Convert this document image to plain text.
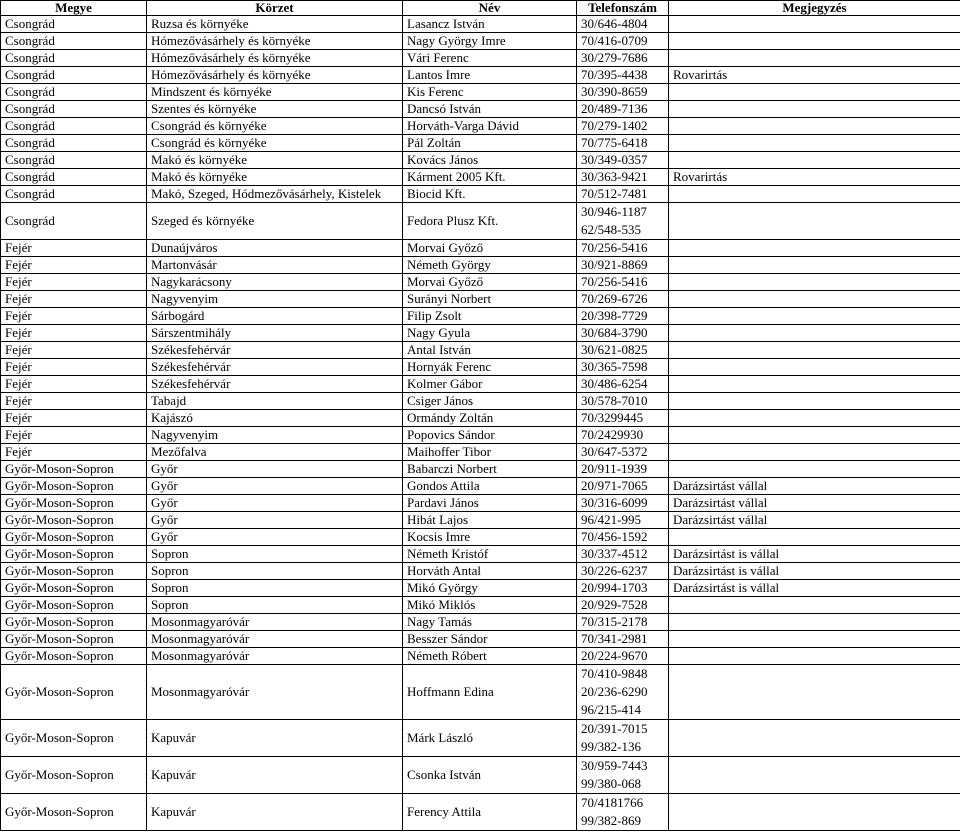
Megye	Körzet	Név	Telefonszám	Megjegyzés
Csongrád	Ruzsa és környéke	Lasancz István	30/646-4804	
Csongrád	Hómezővásárhely és környéke	Nagy György Imre	70/416-0709	
Csongrád	Hómezővásárhely és környéke	Vári Ferenc	30/279-7686	
Csongrád	Hómezővásárhely és környéke	Lantos Imre	70/395-4438	Rovarirtás
Csongrád	Mindszent és környéke	Kis Ferenc	30/390-8659	
Csongrád	Szentes és környéke	Dancsó István	20/489-7136	
Csongrád	Csongrád és környéke	Horváth-Varga Dávid	70/279-1402	
Csongrád	Csongrád és környéke	Pál Zoltán	70/775-6418	
Csongrád	Makó és környéke	Kovács János	30/349-0357	
Csongrád	Makó és környéke	Kárment 2005 Kft.	30/363-9421	Rovarirtás
Csongrád	Makó, Szeged, Hódmezővásárhely, Kistelek	Biocid Kft.	70/512-7481	
Csongrád	Szeged és környéke	Fedora Plusz Kft.	30/946-1187
62/548-535	

Fejér	Dunaújváros	Morvai Győző	70/256-5416	
Fejér	Martonvásár	Németh György	30/921-8869	
Fejér	Nagykarácsony	Morvai Győző	70/256-5416	
Fejér	Nagyvenyim	Surányi Norbert	70/269-6726	
Fejér	Sárbogárd	Filip Zsolt	20/398-7729	
Fejér	Sárszentmihály	Nagy Gyula	30/684-3790	
Fejér	Székesfehérvár	Antal István	30/621-0825	
Fejér	Székesfehérvár	Hornyák Ferenc	30/365-7598	
Fejér	Székesfehérvár	Kolmer Gábor	30/486-6254	
Fejér	Tabajd	Csiger János	30/578-7010	
Fejér	Kajászó	Ormándy Zoltán	70/3299445	
Fejér	Nagyvenyim	Popovics Sándor	70/2429930	
Fejér	Mezőfalva	Maihoffer Tibor	30/647-5372	
Győr-Moson-Sopron	Győr	Babarczi Norbert	20/911-1939	
Győr-Moson-Sopron	Győr	Gondos Attila	20/971-7065	Darázsirtást vállal
Győr-Moson-Sopron	Győr	Pardavi János	30/316-6099	Darázsirtást vállal
Győr-Moson-Sopron	Győr	Hibát Lajos	96/421-995	Darázsirtást vállal
Győr-Moson-Sopron	Győr	Kocsis Imre	70/456-1592	
Győr-Moson-Sopron	Sopron	Németh Kristóf	30/337-4512	Darázsirtást is vállal
Győr-Moson-Sopron	Sopron	Horváth Antal	30/226-6237	Darázsirtást is vállal
Győr-Moson-Sopron	Sopron	Mikó György	20/994-1703	Darázsirtást is vállal
Győr-Moson-Sopron	Sopron	Mikó Miklós	20/929-7528	
Győr-Moson-Sopron	Mosonmagyaróvár	Nagy Tamás	70/315-2178	
Győr-Moson-Sopron	Mosonmagyaróvár	Besszer Sándor	70/341-2981	
Győr-Moson-Sopron	Mosonmagyaróvár	Németh Róbert	20/224-9670	
Győr-Moson-Sopron	Mosonmagyaróvár	Hoffmann Edina	70/410-9848
20/236-6290
96/215-414	

Győr-Moson-Sopron	Kapuvár	Márk László	20/391-7015
99/382-136	

Győr-Moson-Sopron	Kapuvár	Csonka István	30/959-7443
99/380-068	

Győr-Moson-Sopron	Kapuvár	Ferency Attila	70/4181766
99/382-869	
